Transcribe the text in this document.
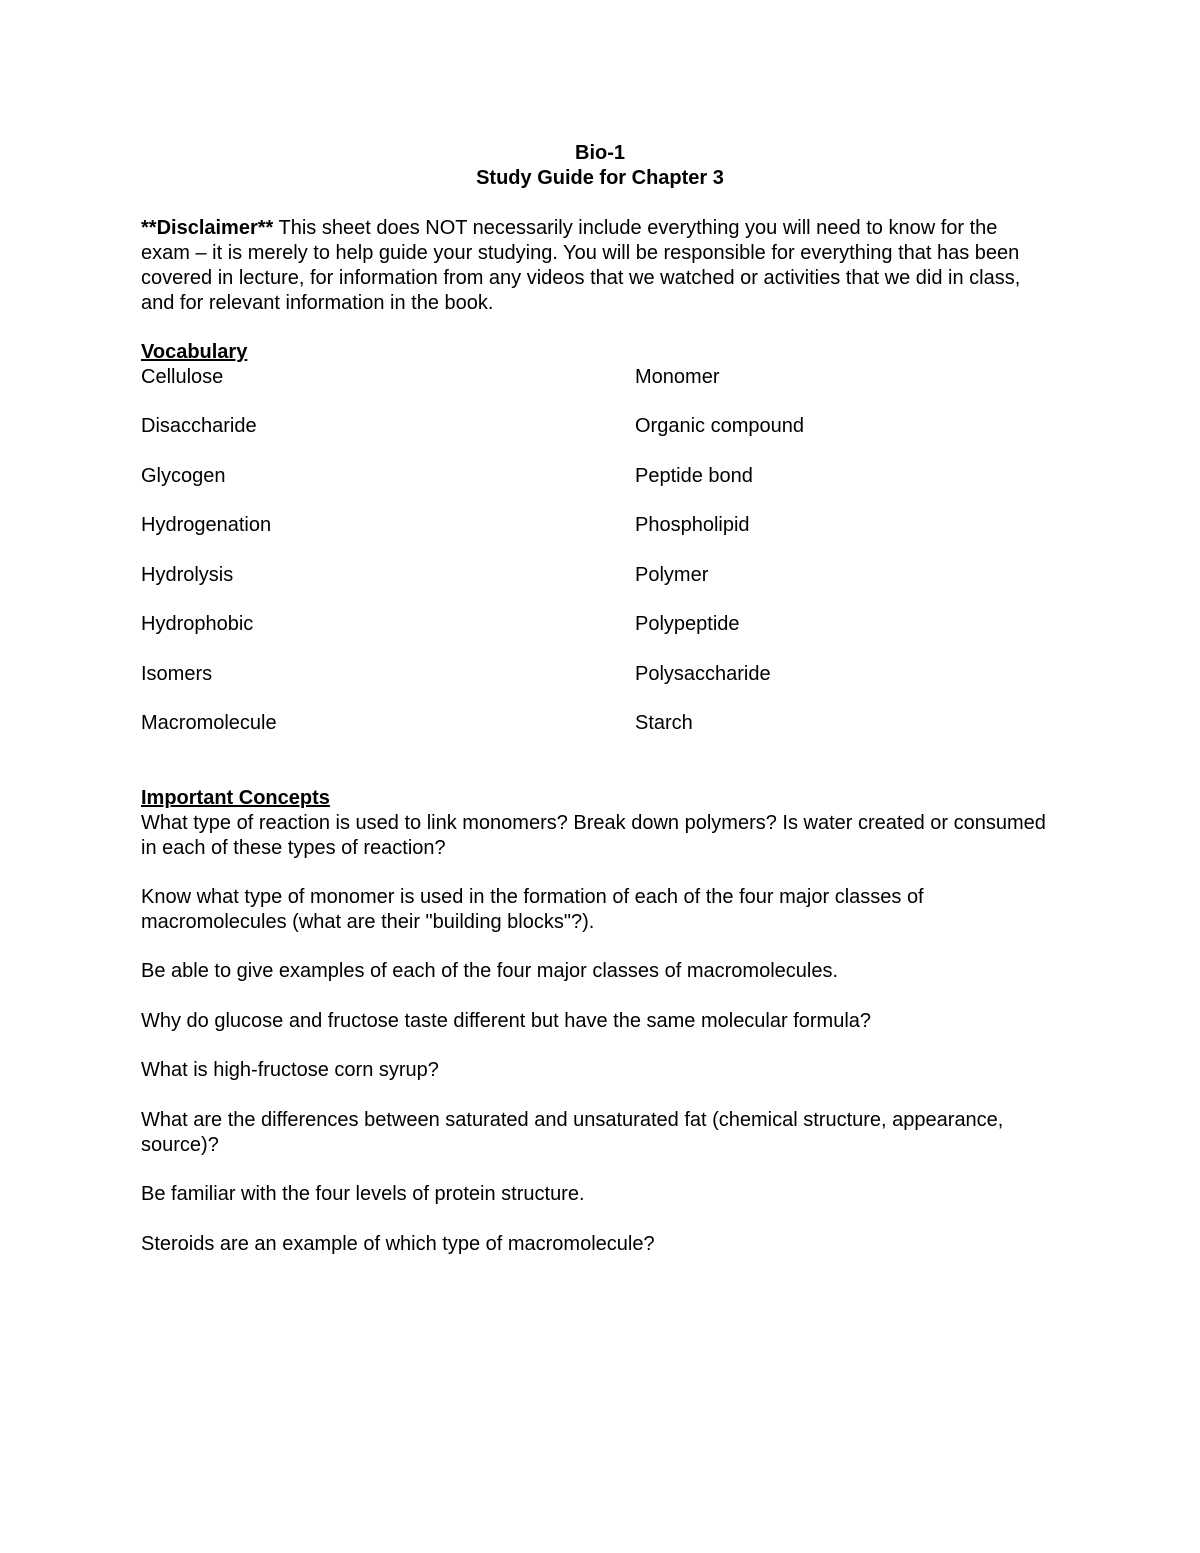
Bio-1
Study Guide for Chapter 3

**Disclaimer** This sheet does NOT necessarily include everything you will need to know for the exam – it is merely to help guide your studying. You will be responsible for everything that has been covered in lecture, for information from any videos that we watched or activities that we did in class, and for relevant information in the book.

Vocabulary
Cellulose	Monomer
Disaccharide	Organic compound
Glycogen	Peptide bond
Hydrogenation	Phospholipid
Hydrolysis	Polymer
Hydrophobic	Polypeptide
Isomers	Polysaccharide
Macromolecule	Starch
Important Concepts

What type of reaction is used to link monomers? Break down polymers? Is water created or consumed in each of these types of reaction?

Know what type of monomer is used in the formation of each of the four major classes of macromolecules (what are their "building blocks"?).

Be able to give examples of each of the four major classes of macromolecules.

Why do glucose and fructose taste different but have the same molecular formula?

What is high-fructose corn syrup?

What are the differences between saturated and unsaturated fat (chemical structure, appearance, source)?

Be familiar with the four levels of protein structure.

Steroids are an example of which type of macromolecule?
